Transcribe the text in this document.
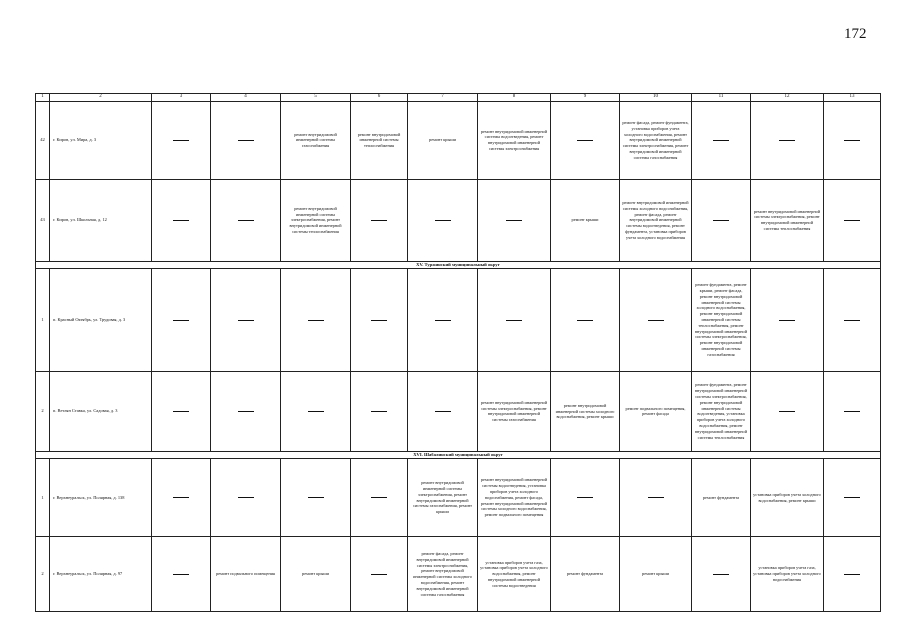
172
1	2	3	4	5	6	7	8	9	10	11	12	13
42	г. Киров, ул. Мира, д. 3			ремонт внутридомовой инженерной системы газоснабжения	ремонт внутридомовой инженерной системы теплоснабжения	ремонт крыши	ремонт внутридомовой инженерной системы водоотведения, ремонт внутридомовой инженерной системы электроснабжения		ремонт фасада, ремонт фундамента, установка приборов учета холодного водоснабжения, ремонт внутридомовой инженерной системы электроснабжения, ремонт внутридомовой инженерной системы газоснабжения			
43	г. Киров, ул. Школьная, д. 12			ремонт внутридомовой инженерной системы электроснабжения, ремонт внутридомовой инженерной системы теплоснабжения				ремонт крыши	ремонт внутридомовой инженерной системы холодного водоснабжения, ремонт фасада, ремонт внутридомовой инженерной системы водоотведения, ремонт фундамента, установка приборов учета холодного водоснабжения		ремонт внутридомовой инженерной системы электроснабжения, ремонт внутридомовой инженерной системы теплоснабжения	
XV. Туржинский муниципальный округ												
1	п. Красный Октябрь, ул. Трудовая, д. 3									ремонт фундамента, ремонт крыши, ремонт фасада, ремонт внутридомовой инженерной системы холодного водоснабжения, ремонт внутридомовой инженерной системы теплоснабжения, ремонт внутридомовой инженерной системы электроснабжения, ремонт внутридомовой инженерной системы газоснабжения		
2	п. Ветлян Ставка, ул. Садовая, д. 3						ремонт внутридомовой инженерной системы электроснабжения, ремонт внутридомовой инженерной системы газоснабжения	ремонт внутридомовой инженерной системы холодного водоснабжения, ремонт крыши	ремонт подвального помещения, ремонт фасада	ремонт фундамента, ремонт внутридомовой инженерной системы электроснабжения, ремонт внутридомовой инженерной системы водоотведения, установка приборов учета холодного водоснабжения, ремонт внутридомовой инженерной системы теплоснабжения		
XVI. Шабалинский муниципальный округ												
1	г. Верхнеуральск, ул. Полярная, д. 138					ремонт внутридомовой инженерной системы электроснабжения, ремонт внутридомовой инженерной системы газоснабжения, ремонт крыши	ремонт внутридомовой инженерной системы водоотведения, установка приборов учета холодного водоснабжения, ремонт фасада, ремонт внутридомовой инженерной системы холодного водоснабжения, ремонт подвального помещения			ремонт фундамента	установка приборов учета холодного водоснабжения, ремонт крыши	
2	г. Верхнеуральск, ул. Полярная, д. 97		ремонт подвального помещения	ремонт крыши		ремонт фасада, ремонт внутридомовой инженерной системы электроснабжения, ремонт внутридомовой инженерной системы холодного водоснабжения, ремонт внутридомовой инженерной системы газоснабжения	установка приборов учета газа, установка приборов учета холодного водоснабжения, ремонт внутридомовой инженерной системы водоотведения	ремонт фундамента	ремонт крыши		установка приборов учета газа, установка приборов учета холодного водоснабжения	
